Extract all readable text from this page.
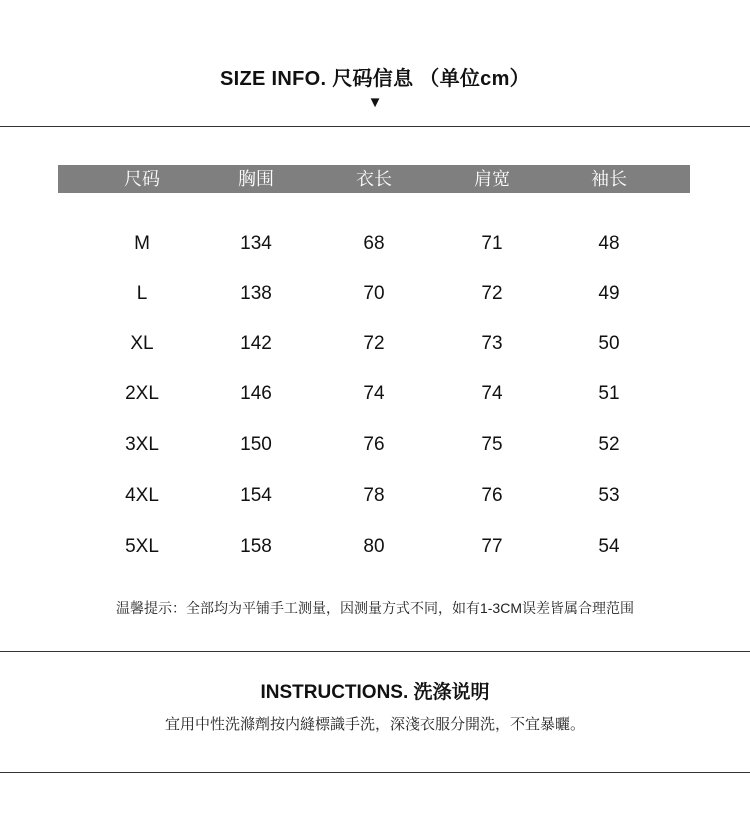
SIZE INFO. 尺码信息 （单位cm）
▼
尺码	胸围	衣长	肩宽	袖长
M	134	68	71	48
L	138	70	72	49
XL	142	72	73	50
2XL	146	74	74	51
3XL	150	76	75	52
4XL	154	78	76	53
5XL	158	80	77	54
温馨提示：全部均为平铺手工测量，因测量方式不同，如有1-3CM误差皆属合理范围
INSTRUCTIONS. 洗涤说明
宜用中性洗滌劑按内縫標識手洗，深淺衣服分開洗，不宜暴曬。
